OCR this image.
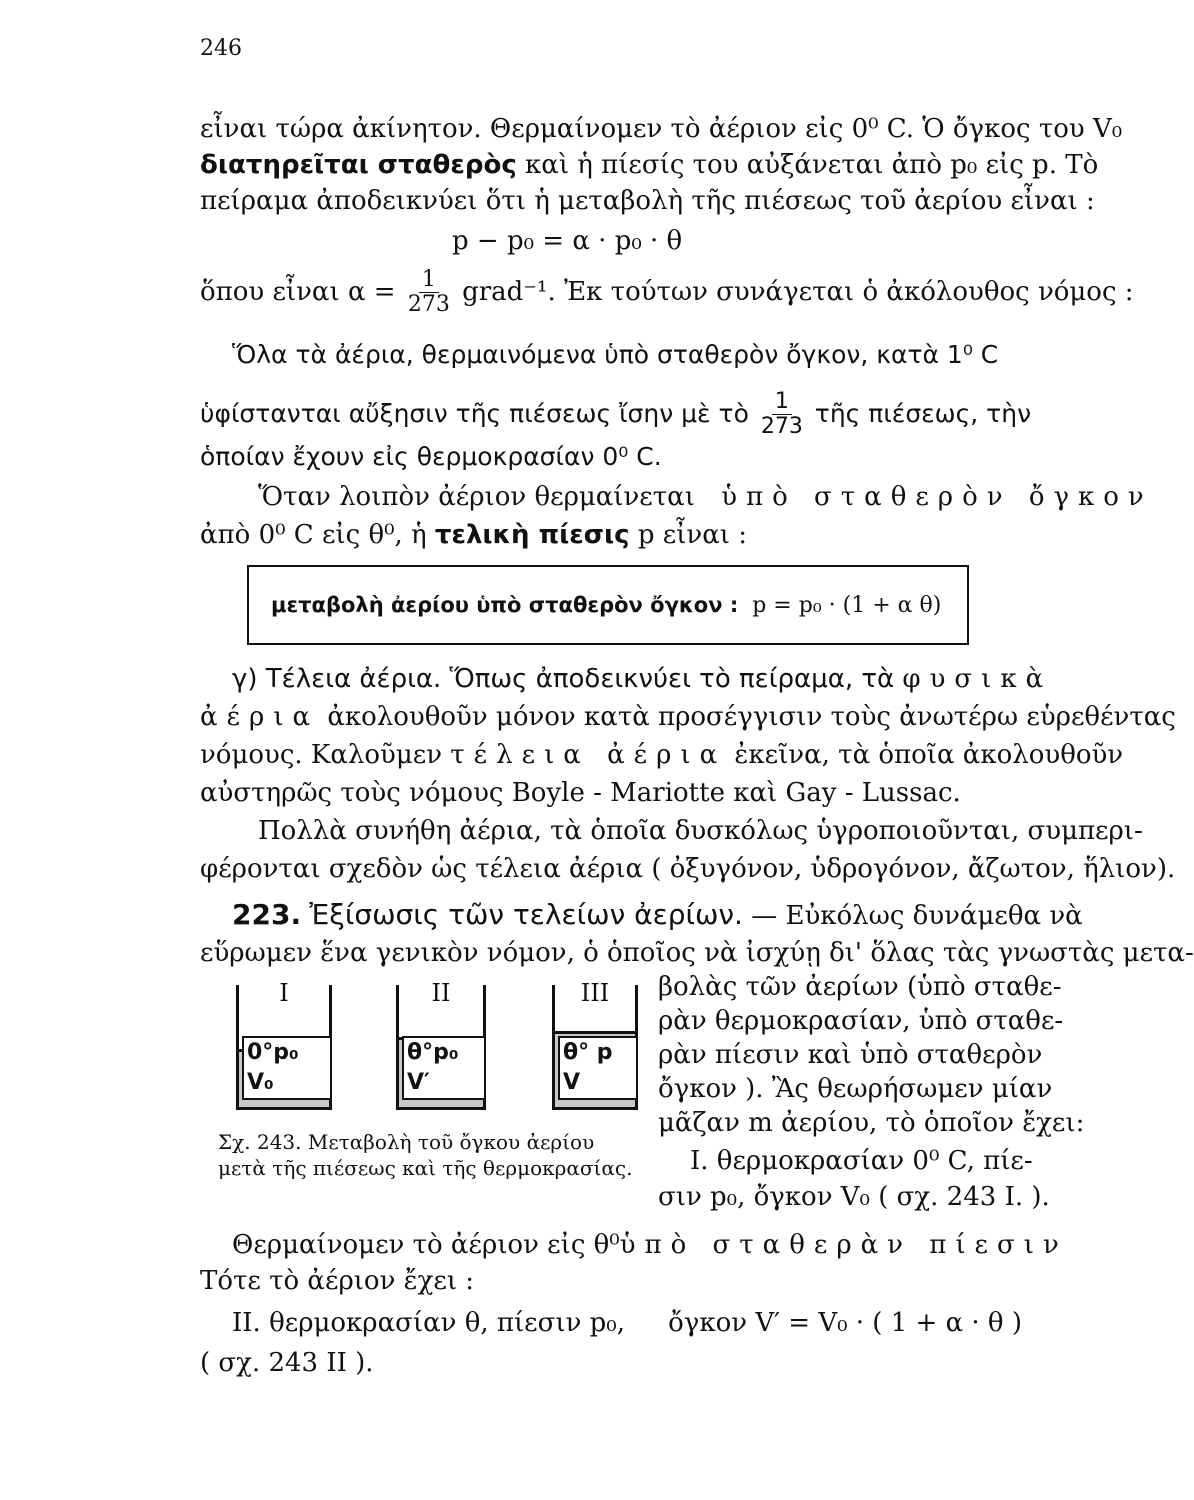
246
εἶναι τώρα ἀκίνητον. Θερμαίνομεν τὸ ἀέριον εἰς 0⁰ C. Ὁ ὄγκος του V₀
διατηρεῖται σταθερὸς καὶ ἡ πίεσίς του αὐξάνεται ἀπὸ p₀ εἰς p. Τὸ
πείραμα ἀποδεικνύει ὅτι ἡ μεταβολὴ τῆς πιέσεως τοῦ ἀερίου εἶναι :
p − p₀ = α · p₀ · θ
ὅπου εἶναι $\alpha = \frac{1}{273}$ grad⁻¹. Ἐκ τούτων συνάγεται ὁ ἀκόλουθος νόμος :
Ὅλα τὰ ἀέρια, θερμαινόμενα ὑπὸ σταθερὸν ὄγκον, κατὰ 1⁰ C
ὑφίστανται αὔξησιν τῆς πιέσεως ἴσην μὲ τὸ $\frac{1}{273}$ τῆς πιέσεως, τὴν
ὁποίαν ἔχουν εἰς θερμοκρασίαν 0⁰ C.
Ὅταν λοιπὸν ἀέριον θερμαίνεται ὑπὸ σταθερὸν ὄγκον
ἀπὸ 0⁰ C εἰς θ⁰, ἡ τελικὴ πίεσις p εἶναι :
μεταβολὴ ἀερίου ὑπὸ σταθερὸν ὄγκον : p = p₀ · (1 + α θ)
γ) Τέλεια ἀέρια. Ὅπως ἀποδεικνύει τὸ πείραμα, τὰ φυσικὰ
ἀέρια ἀκολουθοῦν μόνον κατὰ προσέγγισιν τοὺς ἀνωτέρω εὑρεθέντας
νόμους. Καλοῦμεν τέλεια ἀέρια ἐκεῖνα, τὰ ὁποῖα ἀκολουθοῦν
αὐστηρῶς τοὺς νόμους Boyle - Mariotte καὶ Gay - Lussac.
Πολλὰ συνήθη ἀέρια, τὰ ὁποῖα δυσκόλως ὑγροποιοῦνται, συμπερι-
φέρονται σχεδὸν ὡς τέλεια ἀέρια ( ὀξυγόνον, ὑδρογόνον, ἄζωτον, ἥλιον).
223. Ἐξίσωσις τῶν τελείων ἀερίων. — Εὐκόλως δυνάμεθα νὰ
εὕρωμεν ἕνα γενικὸν νόμον, ὁ ὁποῖος νὰ ἰσχύῃ δι' ὅλας τὰς γνωστὰς μετα-
I
0°p₀ V₀
II
θ°p₀ V′
III
θ° p V
Σχ. 243. Μεταβολὴ τοῦ ὄγκου ἀερίου
μετὰ τῆς πιέσεως καὶ τῆς θερμοκρασίας.
βολὰς τῶν ἀερίων (ὑπὸ σταθε-
ρὰν θερμοκρασίαν, ὑπὸ σταθε-
ρὰν πίεσιν καὶ ὑπὸ σταθερὸν
ὄγκον ). Ἂς θεωρήσωμεν μίαν
μᾶζαν m ἀερίου, τὸ ὁποῖον ἔχει:
I. θερμοκρασίαν 0⁰ C, πίε-
σιν p₀, ὄγκον V₀ ( σχ. 243 I. ).
Θερμαίνομεν τὸ ἀέριον εἰς θ⁰ ὑπὸ σταθερὰν πίεσιν
Τότε τὸ ἀέριον ἔχει :
II. θερμοκρασίαν θ, πίεσιν p₀, ὄγκον V′ = V₀ · ( 1 + α · θ )
( σχ. 243 II ).
